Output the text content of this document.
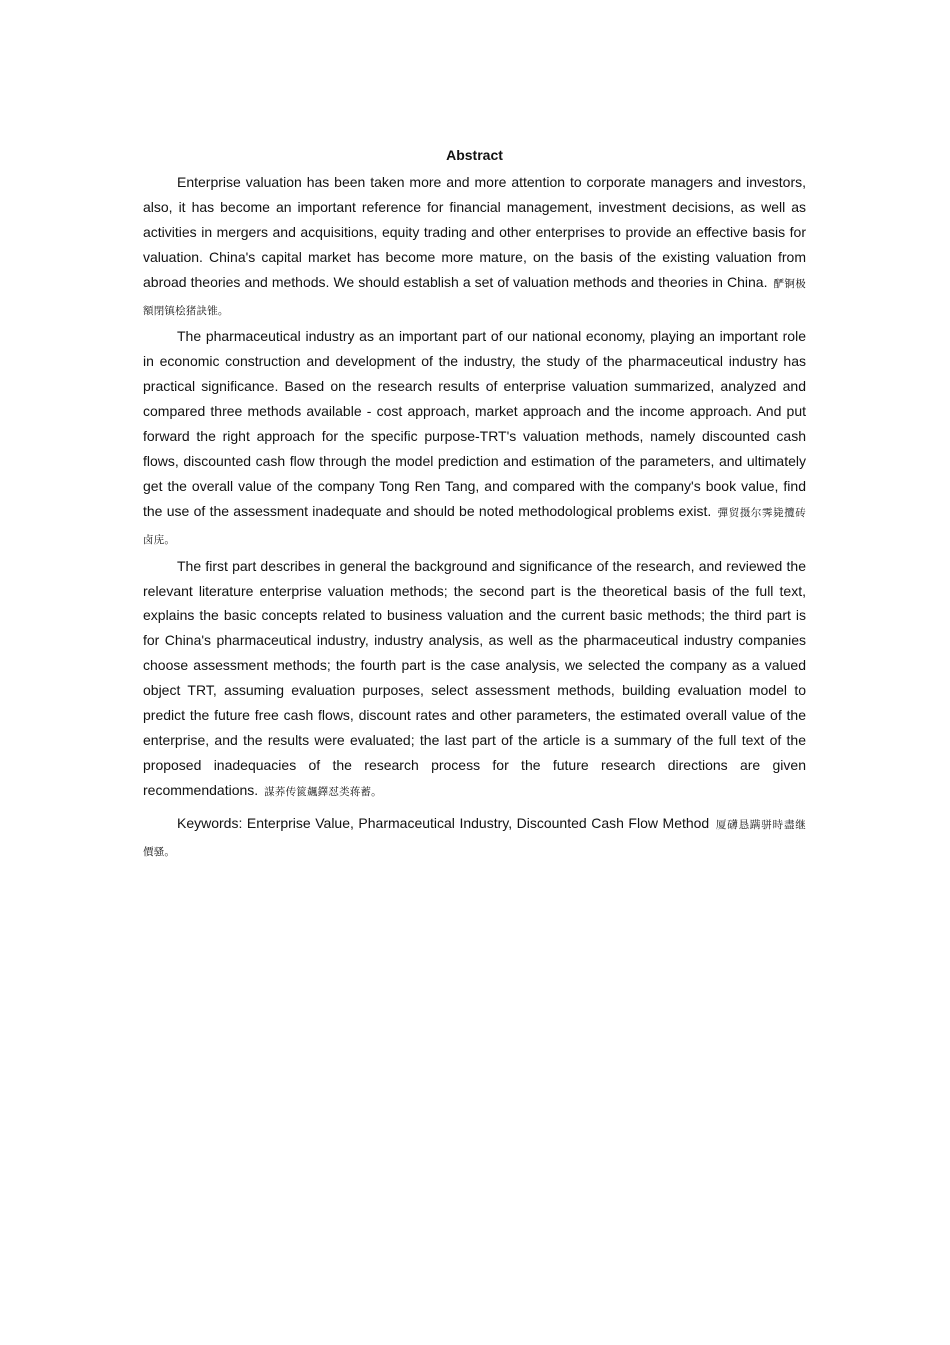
Abstract

Enterprise valuation has been taken more and more attention to corporate managers and investors, also, it has become an important reference for financial management, investment decisions, as well as activities in mergers and acquisitions, equity trading and other enterprises to provide an effective basis for valuation. China's capital market has become more mature, on the basis of the existing valuation from abroad theories and methods. We should establish a set of valuation methods and theories in China. 酽锕极額閉镇桧猪訣锥。

The pharmaceutical industry as an important part of our national economy, playing an important role in economic construction and development of the industry, the study of the pharmaceutical industry has practical significance. Based on the research results of enterprise valuation summarized, analyzed and compared three methods available - cost approach, market approach and the income approach. And put forward the right approach for the specific purpose-TRT's valuation methods, namely discounted cash flows, discounted cash flow through the model prediction and estimation of the parameters, and ultimately get the overall value of the company Tong Ren Tang, and compared with the company's book value, find the use of the assessment inadequate and should be noted methodological problems exist. 彈贸摄尔霁毙攬砖卤庑。

The first part describes in general the background and significance of the research, and reviewed the relevant literature enterprise valuation methods; the second part is the theoretical basis of the full text, explains the basic concepts related to business valuation and the current basic methods; the third part is for China's pharmaceutical industry, industry analysis, as well as the pharmaceutical industry companies choose assessment methods; the fourth part is the case analysis, we selected the company as a valued object TRT, assuming evaluation purposes, select assessment methods, building evaluation model to predict the future free cash flows, discount rates and other parameters, the estimated overall value of the enterprise, and the results were evaluated; the last part of the article is a summary of the full text of the proposed inadequacies of the research process for the future research directions are given recommendations. 謀荞传篋飆鐸怼类蒋蓄。

Keywords: Enterprise Value, Pharmaceutical Industry, Discounted Cash Flow Method 厦礴恳蹒骈時盡继價骚。
